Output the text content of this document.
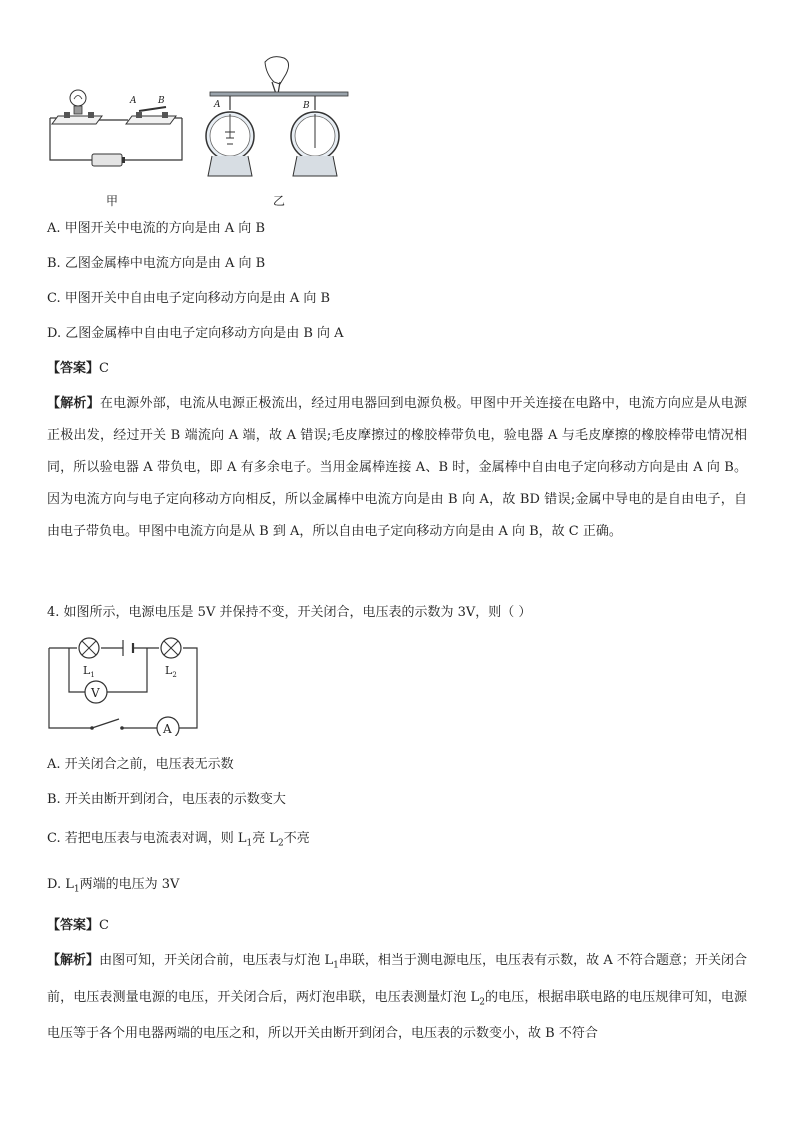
A B
甲
A	B
乙
A. 甲图开关中电流的方向是由 A 向 B
B. 乙图金属棒中电流方向是由 A 向 B
C. 甲图开关中自由电子定向移动方向是由 A 向 B
D. 乙图金属棒中自由电子定向移动方向是由 B 向 A
【答案】C
【解析】在电源外部，电流从电源正极流出，经过用电器回到电源负极。甲图中开关连接在电路中，电流方向应是从电源正极出发，经过开关 B 端流向 A 端，故 A 错误;毛皮摩擦过的橡胶棒带负电，验电器 A 与毛皮摩擦的橡胶棒带电情况相同，所以验电器 A 带负电，即 A 有多余电子。当用金属棒连接 A、B 时，金属棒中自由电子定向移动方向是由 A 向 B。因为电流方向与电子定向移动方向相反，所以金属棒中电流方向是由 B 向 A，故 BD 错误;金属中导电的是自由电子，自由电子带负电。甲图中电流方向是从 B 到 A，所以自由电子定向移动方向是由 A 向 B，故 C 正确。
4. 如图所示，电源电压是 5V 并保持不变，开关闭合，电压表的示数为 3V，则（ ）
$L_1$	$L_2$
V
A
A. 开关闭合之前，电压表无示数
B. 开关由断开到闭合，电压表的示数变大
C. 若把电压表与电流表对调，则 $L_1$亮 $L_2$不亮
D. $L_1$两端的电压为 3V
【答案】C
【解析】由图可知，开关闭合前，电压表与灯泡 $L_1$串联，相当于测电源电压，电压表有示数，故 A 不符合题意；开关闭合前，电压表测量电源的电压，开关闭合后，两灯泡串联，电压表测量灯泡 $L_2$的电压，根据串联电路的电压规律可知，电源电压等于各个用电器两端的电压之和，所以开关由断开到闭合，电压表的示数变小，故 B 不符合
